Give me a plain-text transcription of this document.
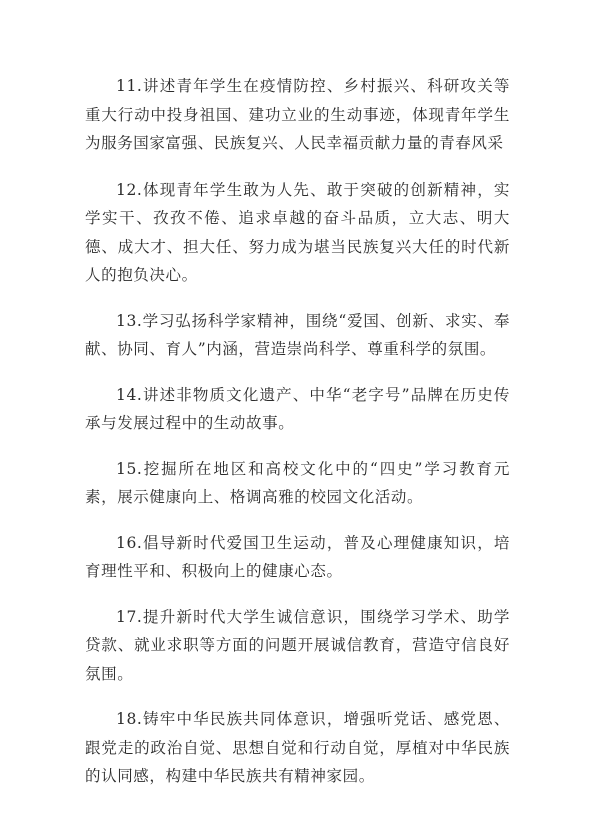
11.讲述青年学生在疫情防控、乡村振兴、科研攻关等重大行动中投身祖国、建功立业的生动事迹，体现青年学生为服务国家富强、民族复兴、人民幸福贡献力量的青春风采

12.体现青年学生敢为人先、敢于突破的创新精神，实学实干、孜孜不倦、追求卓越的奋斗品质，立大志、明大德、成大才、担大任、努力成为堪当民族复兴大任的时代新人的抱负决心。

13.学习弘扬科学家精神，围绕“爱国、创新、求实、奉献、协同、育人”内涵，营造崇尚科学、尊重科学的氛围。

14.讲述非物质文化遗产、中华“老字号”品牌在历史传承与发展过程中的生动故事。

15.挖掘所在地区和高校文化中的“四史”学习教育元素，展示健康向上、格调高雅的校园文化活动。

16.倡导新时代爱国卫生运动，普及心理健康知识，培育理性平和、积极向上的健康心态。

17.提升新时代大学生诚信意识，围绕学习学术、助学贷款、就业求职等方面的问题开展诚信教育，营造守信良好氛围。

18.铸牢中华民族共同体意识，增强听党话、感党恩、跟党走的政治自觉、思想自觉和行动自觉，厚植对中华民族的认同感，构建中华民族共有精神家园。
